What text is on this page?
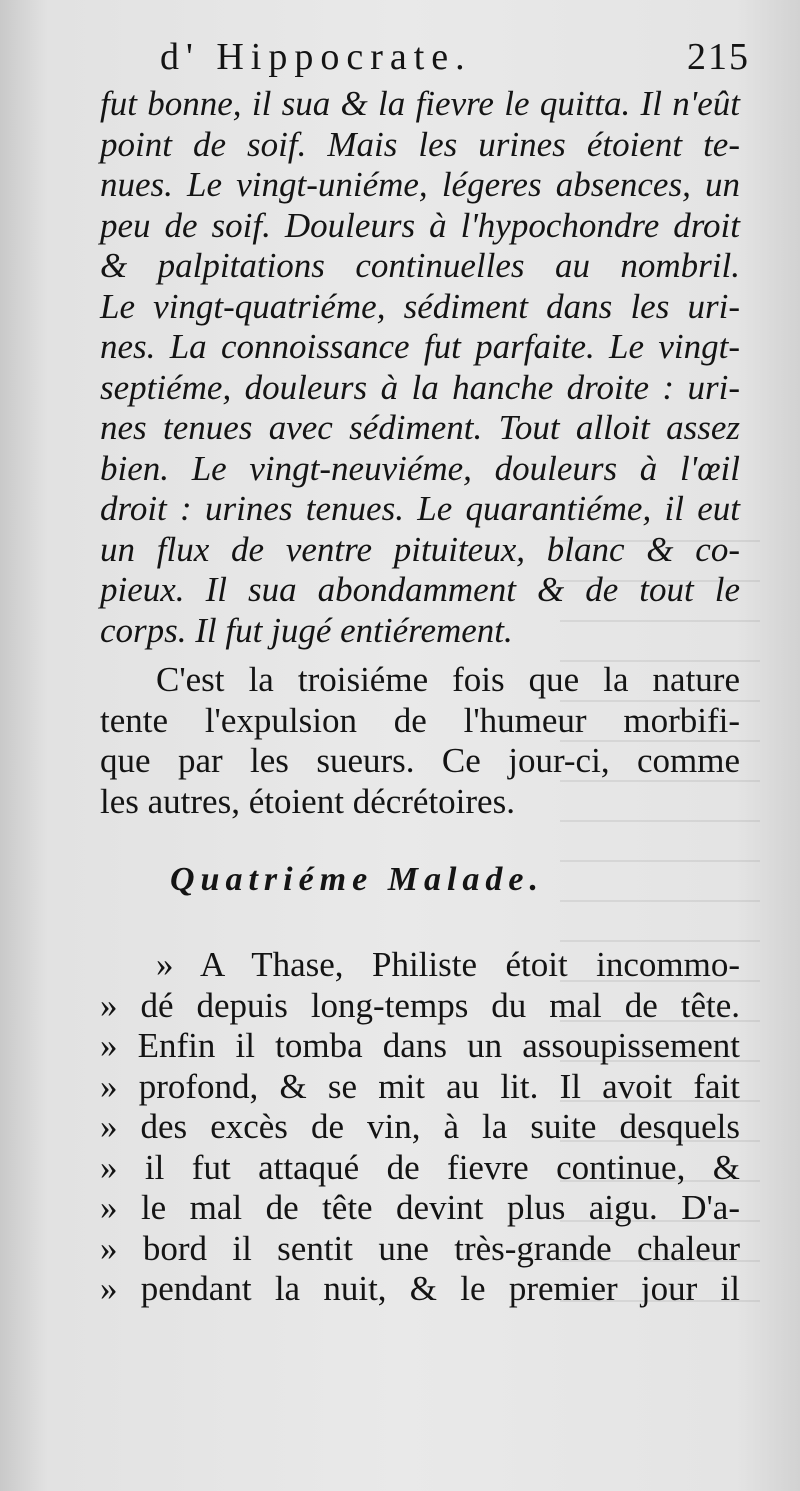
d' Hippocrate.	215
fut bonne, il sua & la fievre le quitta. Il n'eût
point de soif. Mais les urines étoient te-
nues. Le vingt-uniéme, légeres absences, un
peu de soif. Douleurs à l'hypochondre droit
& palpitations continuelles au nombril.
Le vingt-quatriéme, sédiment dans les uri-
nes. La connoissance fut parfaite. Le vingt-
septiéme, douleurs à la hanche droite : uri-
nes tenues avec sédiment. Tout alloit assez
bien. Le vingt-neuviéme, douleurs à l'œil
droit : urines tenues. Le quarantiéme, il eut
un flux de ventre pituiteux, blanc & co-
pieux. Il sua abondamment & de tout le
corps. Il fut jugé entiérement.
C'est la troisiéme fois que la nature
tente l'expulsion de l'humeur morbifi-
que par les sueurs. Ce jour-ci, comme
les autres, étoient décrétoires.
Quatriéme Malade.
» A Thase, Philiste étoit incommo-
» dé depuis long-temps du mal de tête.
» Enfin il tomba dans un assoupissement
» profond, & se mit au lit. Il avoit fait
» des excès de vin, à la suite desquels
» il fut attaqué de fievre continue, &
» le mal de tête devint plus aigu. D'a-
» bord il sentit une très-grande chaleur
» pendant la nuit, & le premier jour il
